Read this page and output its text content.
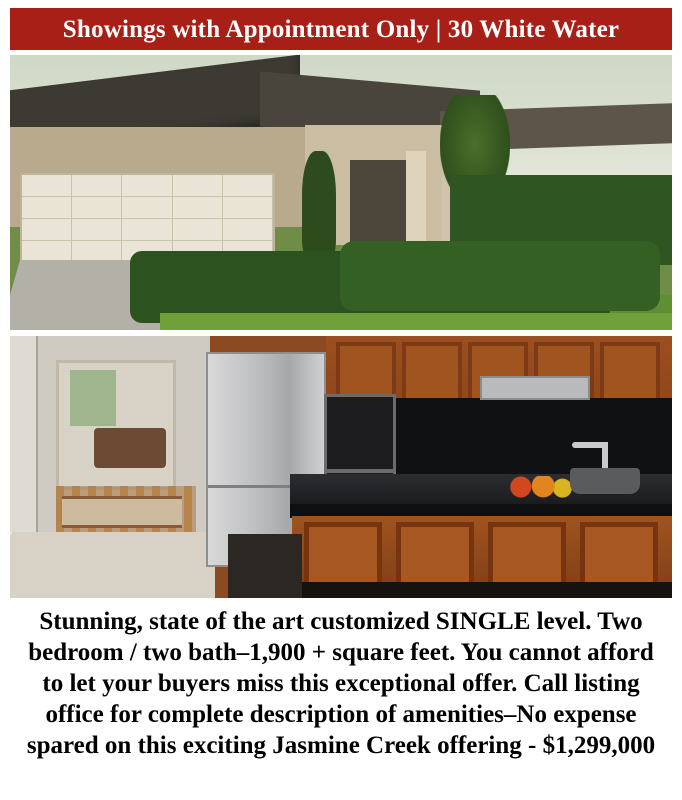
Showings with Appointment Only | 30 White Water
Stunning, state of the art customized SINGLE level. Two bedroom / two bath–1,900 + square feet. You cannot afford to let your buyers miss this exceptional offer. Call listing office for complete description of amenities–No expense spared on this exciting Jasmine Creek offering - $1,299,000
